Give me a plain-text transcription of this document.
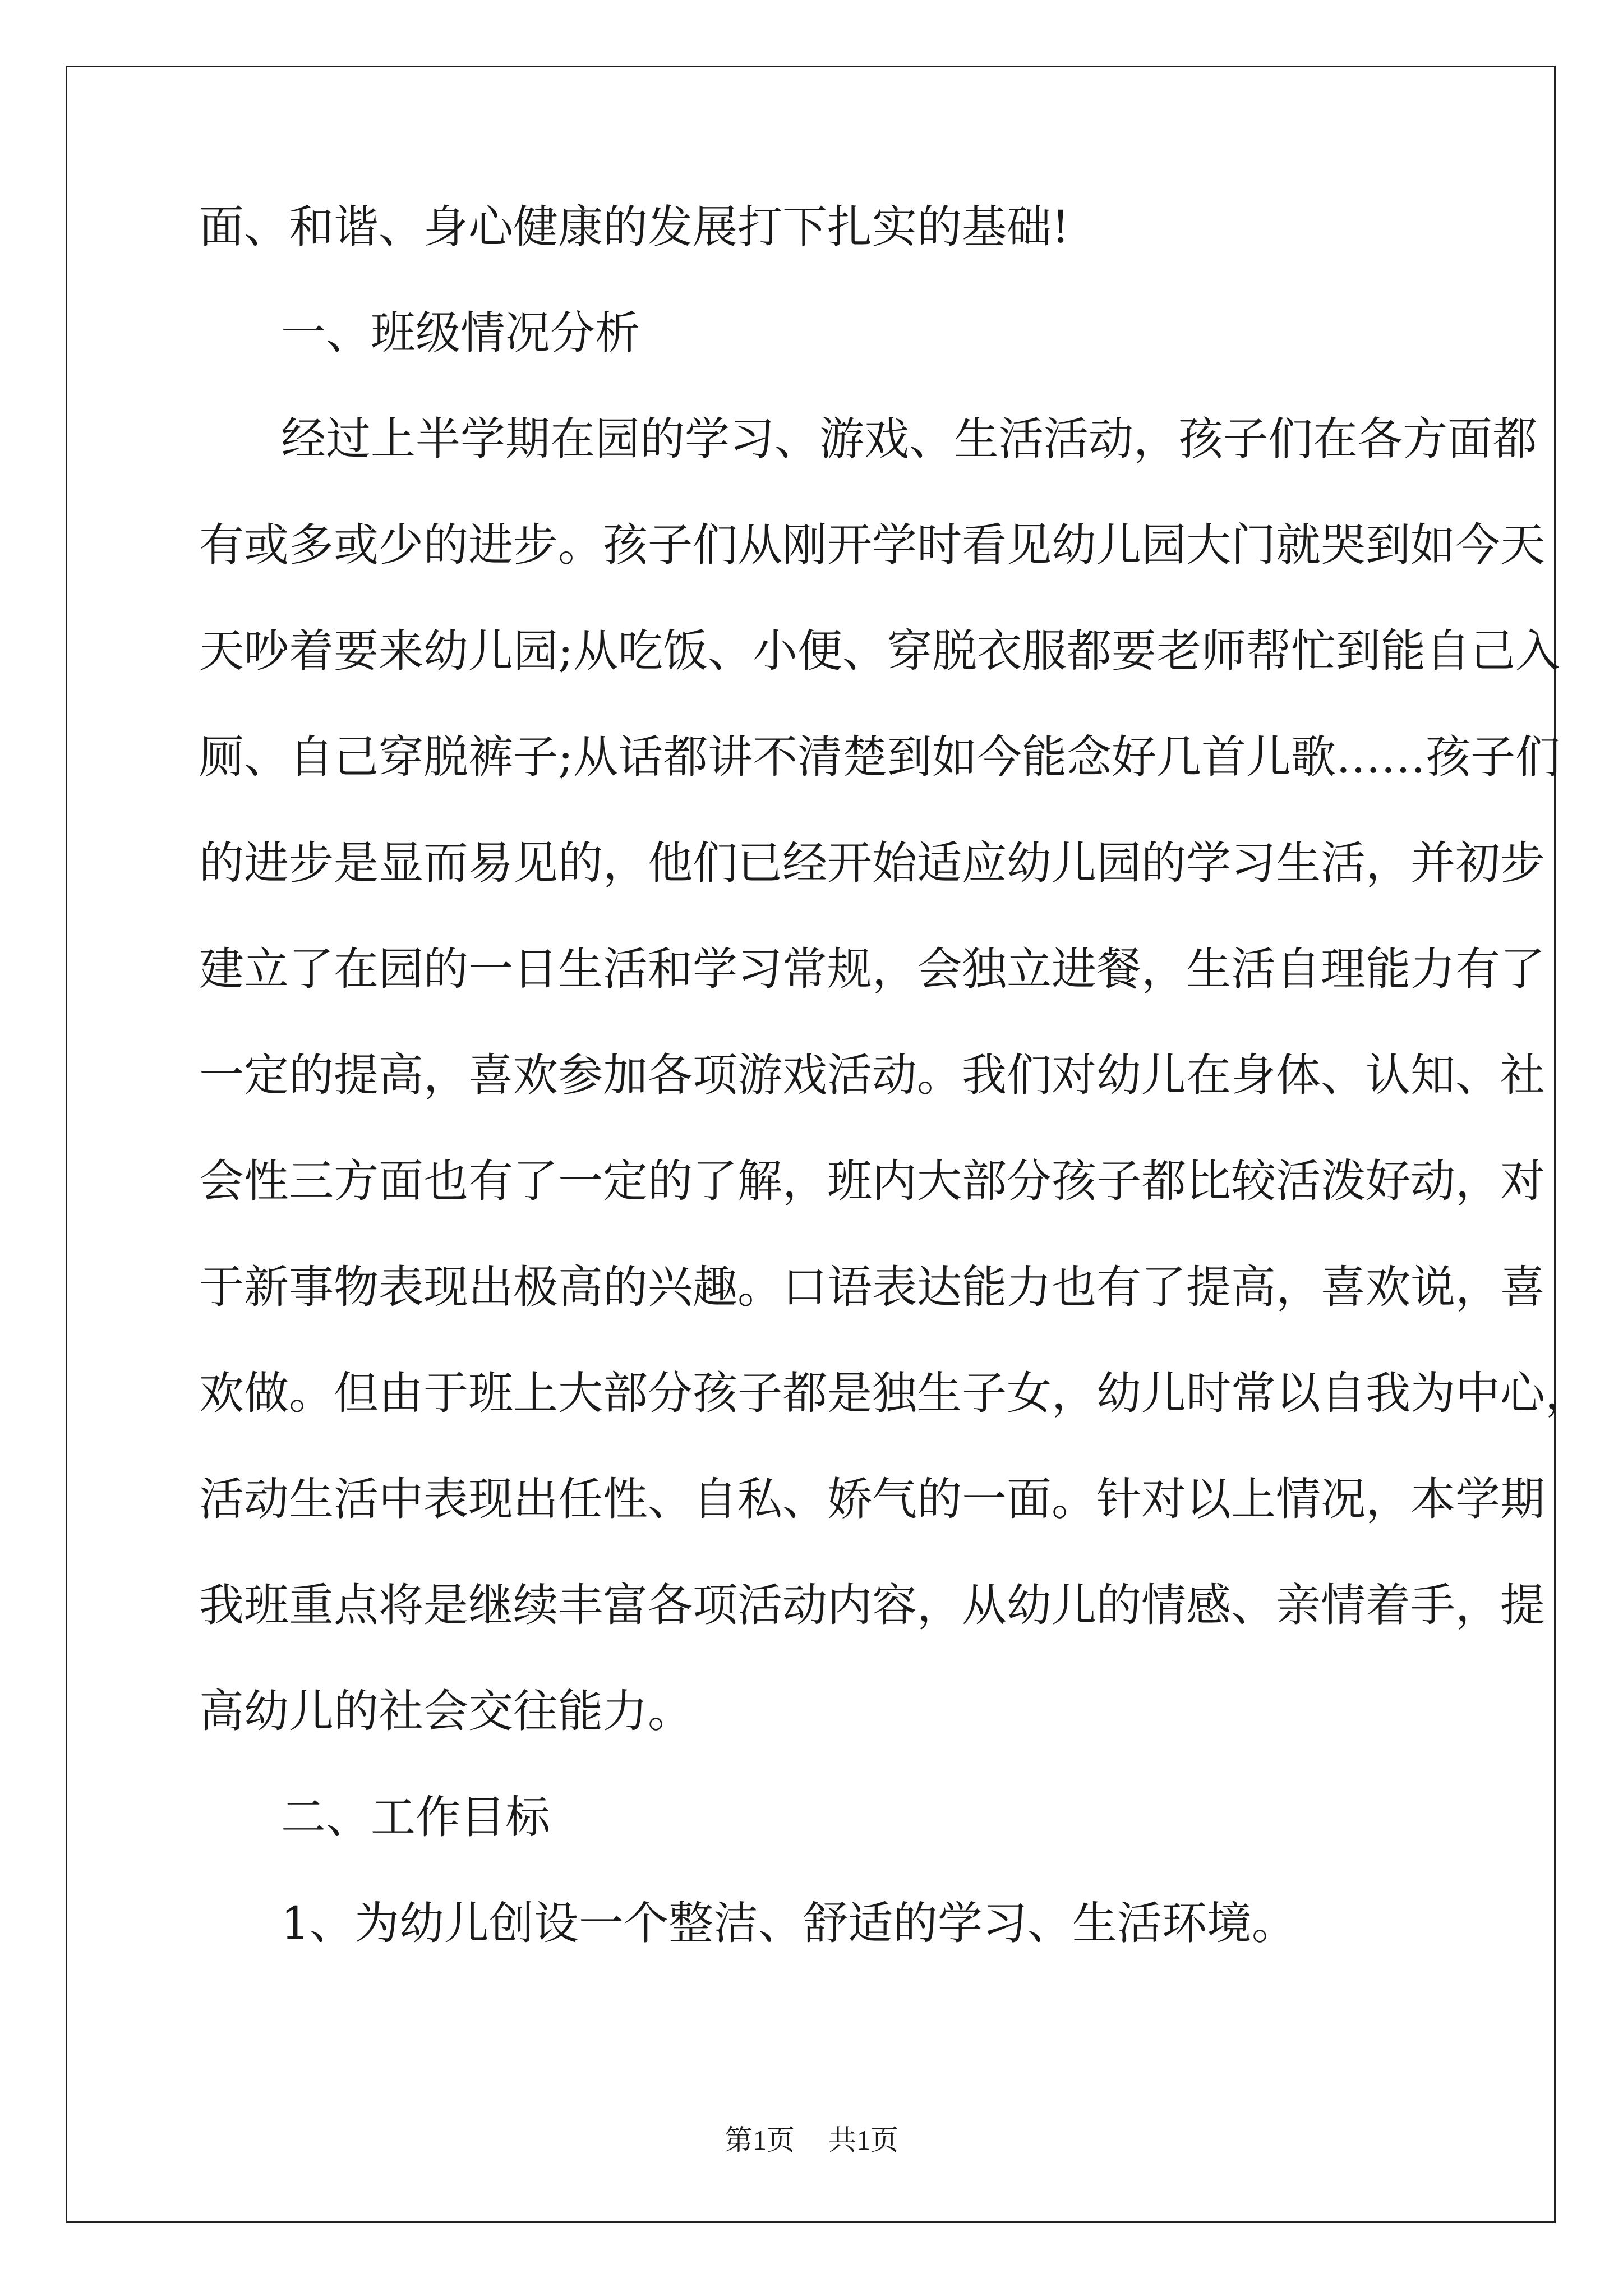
面、和谐、身心健康的发展打下扎实的基础!
一、班级情况分析
经过上半学期在园的学习、游戏、生活活动，孩子们在各方面都
有或多或少的进步。孩子们从刚开学时看见幼儿园大门就哭到如今天
天吵着要来幼儿园;从吃饭、小便、穿脱衣服都要老师帮忙到能自己入
厕、自己穿脱裤子;从话都讲不清楚到如今能念好几首儿歌……孩子们
的进步是显而易见的，他们已经开始适应幼儿园的学习生活，并初步
建立了在园的一日生活和学习常规，会独立进餐，生活自理能力有了
一定的提高，喜欢参加各项游戏活动。我们对幼儿在身体、认知、社
会性三方面也有了一定的了解，班内大部分孩子都比较活泼好动，对
于新事物表现出极高的兴趣。口语表达能力也有了提高，喜欢说，喜
欢做。但由于班上大部分孩子都是独生子女，幼儿时常以自我为中心，
活动生活中表现出任性、自私、娇气的一面。针对以上情况，本学期
我班重点将是继续丰富各项活动内容，从幼儿的情感、亲情着手，提
高幼儿的社会交往能力。
二、工作目标
1、为幼儿创设一个整洁、舒适的学习、生活环境。
第1页 共1页
